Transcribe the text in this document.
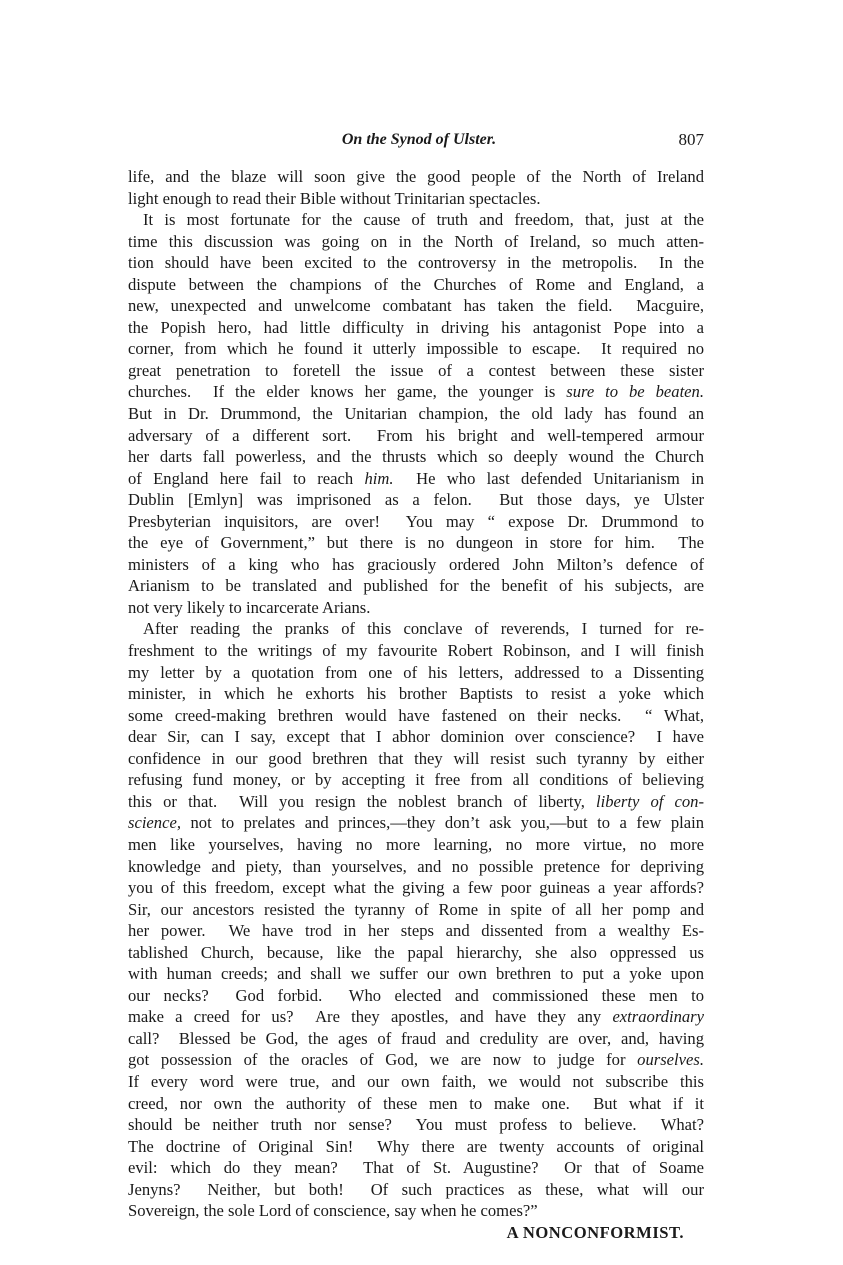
On the Synod of Ulster.	807
life, and the blaze will soon give the good people of the North of Ireland
light enough to read their Bible without Trinitarian spectacles.
It is most fortunate for the cause of truth and freedom, that, just at the
time this discussion was going on in the North of Ireland, so much atten-
tion should have been excited to the controversy in the metropolis.  In the
dispute between the champions of the Churches of Rome and England, a
new, unexpected and unwelcome combatant has taken the field.  Macguire,
the Popish hero, had little difficulty in driving his antagonist Pope into a
corner, from which he found it utterly impossible to escape.  It required no
great penetration to foretell the issue of a contest between these sister
churches.  If the elder knows her game, the younger is sure to be beaten.
But in Dr. Drummond, the Unitarian champion, the old lady has found an
adversary of a different sort.  From his bright and well-tempered armour
her darts fall powerless, and the thrusts which so deeply wound the Church
of England here fail to reach him.  He who last defended Unitarianism in
Dublin [Emlyn] was imprisoned as a felon.  But those days, ye Ulster
Presbyterian inquisitors, are over!  You may “ expose Dr. Drummond to
the eye of Government,” but there is no dungeon in store for him.  The
ministers of a king who has graciously ordered John Milton’s defence of
Arianism to be translated and published for the benefit of his subjects, are
not very likely to incarcerate Arians.
After reading the pranks of this conclave of reverends, I turned for re-
freshment to the writings of my favourite Robert Robinson, and I will finish
my letter by a quotation from one of his letters, addressed to a Dissenting
minister, in which he exhorts his brother Baptists to resist a yoke which
some creed-making brethren would have fastened on their necks.  “ What,
dear Sir, can I say, except that I abhor dominion over conscience?  I have
confidence in our good brethren that they will resist such tyranny by either
refusing fund money, or by accepting it free from all conditions of believing
this or that.  Will you resign the noblest branch of liberty, liberty of con-
science, not to prelates and princes,—they don’t ask you,—but to a few plain
men like yourselves, having no more learning, no more virtue, no more
knowledge and piety, than yourselves, and no possible pretence for depriving
you of this freedom, except what the giving a few poor guineas a year affords?
Sir, our ancestors resisted the tyranny of Rome in spite of all her pomp and
her power.  We have trod in her steps and dissented from a wealthy Es-
tablished Church, because, like the papal hierarchy, she also oppressed us
with human creeds; and shall we suffer our own brethren to put a yoke upon
our necks?  God forbid.  Who elected and commissioned these men to
make a creed for us?  Are they apostles, and have they any extraordinary
call?  Blessed be God, the ages of fraud and credulity are over, and, having
got possession of the oracles of God, we are now to judge for ourselves.
If every word were true, and our own faith, we would not subscribe this
creed, nor own the authority of these men to make one.  But what if it
should be neither truth nor sense?  You must profess to believe.  What?
The doctrine of Original Sin!  Why there are twenty accounts of original
evil: which do they mean?  That of St. Augustine?  Or that of Soame
Jenyns?  Neither, but both!  Of such practices as these, what will our
Sovereign, the sole Lord of conscience, say when he comes?”
A NONCONFORMIST.
